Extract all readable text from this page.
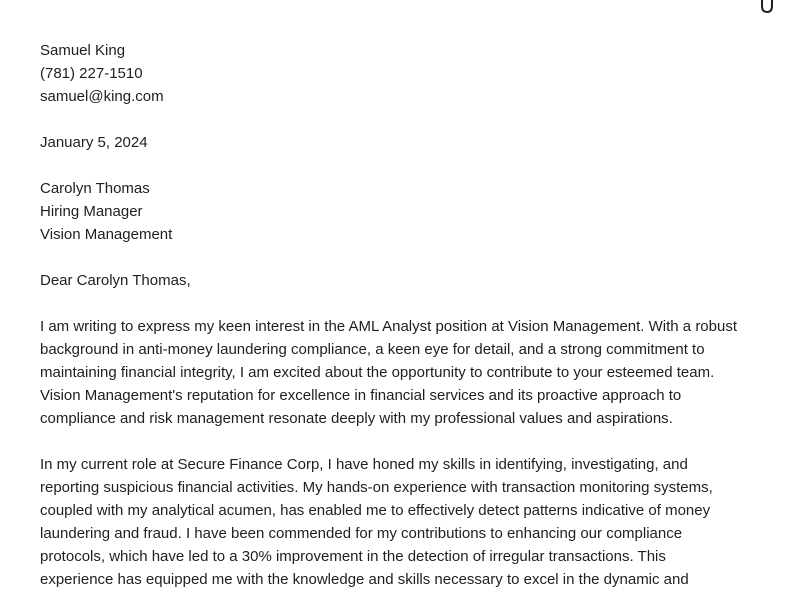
Samuel King
(781) 227-1510
samuel@king.com
January 5, 2024
Carolyn Thomas
Hiring Manager
Vision Management
Dear Carolyn Thomas,
I am writing to express my keen interest in the AML Analyst position at Vision Management. With a robust
background in anti-money laundering compliance, a keen eye for detail, and a strong commitment to
maintaining financial integrity, I am excited about the opportunity to contribute to your esteemed team.
Vision Management's reputation for excellence in financial services and its proactive approach to
compliance and risk management resonate deeply with my professional values and aspirations.
In my current role at Secure Finance Corp, I have honed my skills in identifying, investigating, and
reporting suspicious financial activities. My hands-on experience with transaction monitoring systems,
coupled with my analytical acumen, has enabled me to effectively detect patterns indicative of money
laundering and fraud. I have been commended for my contributions to enhancing our compliance
protocols, which have led to a 30% improvement in the detection of irregular transactions. This
experience has equipped me with the knowledge and skills necessary to excel in the dynamic and
